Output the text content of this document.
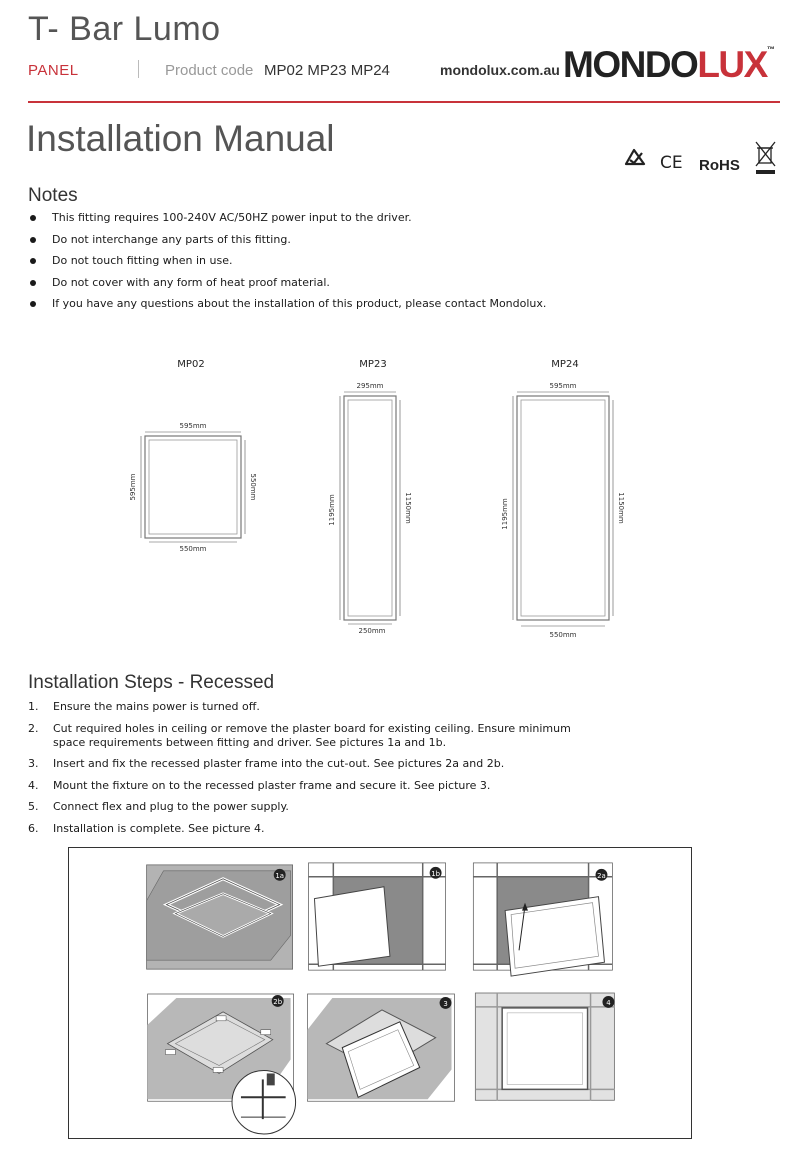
T- Bar Lumo
PANEL	Product code MP02 MP23 MP24	mondolux.com.au MONDOLUX™
Installation Manual
CE RoHS
Notes
This fitting requires 100-240V AC/50HZ power input to the driver.
Do not interchange any parts of this fitting.
Do not touch fitting when in use.
Do not cover with any form of heat proof material.
If you have any questions about the installation of this product, please contact Mondolux.
MP02
595mm
550mm
595mm	550mm
MP23
295mm
250mm
1195mm	1150mm
MP24
595mm
550mm
1195mm	1150mm
Installation Steps - Recessed
1. Ensure the mains power is turned off.
2. Cut required holes in ceiling or remove the plaster board for existing ceiling. Ensure minimum
space requirements between fitting and driver. See pictures 1a and 1b.
3. Insert and fix the recessed plaster frame into the cut-out. See pictures 2a and 2b.
4. Mount the fixture on to the recessed plaster frame and secure it. See picture 3.
5. Connect flex and plug to the power supply.
6. Installation is complete. See picture 4.
1a	1b	2a
2b	3	4
